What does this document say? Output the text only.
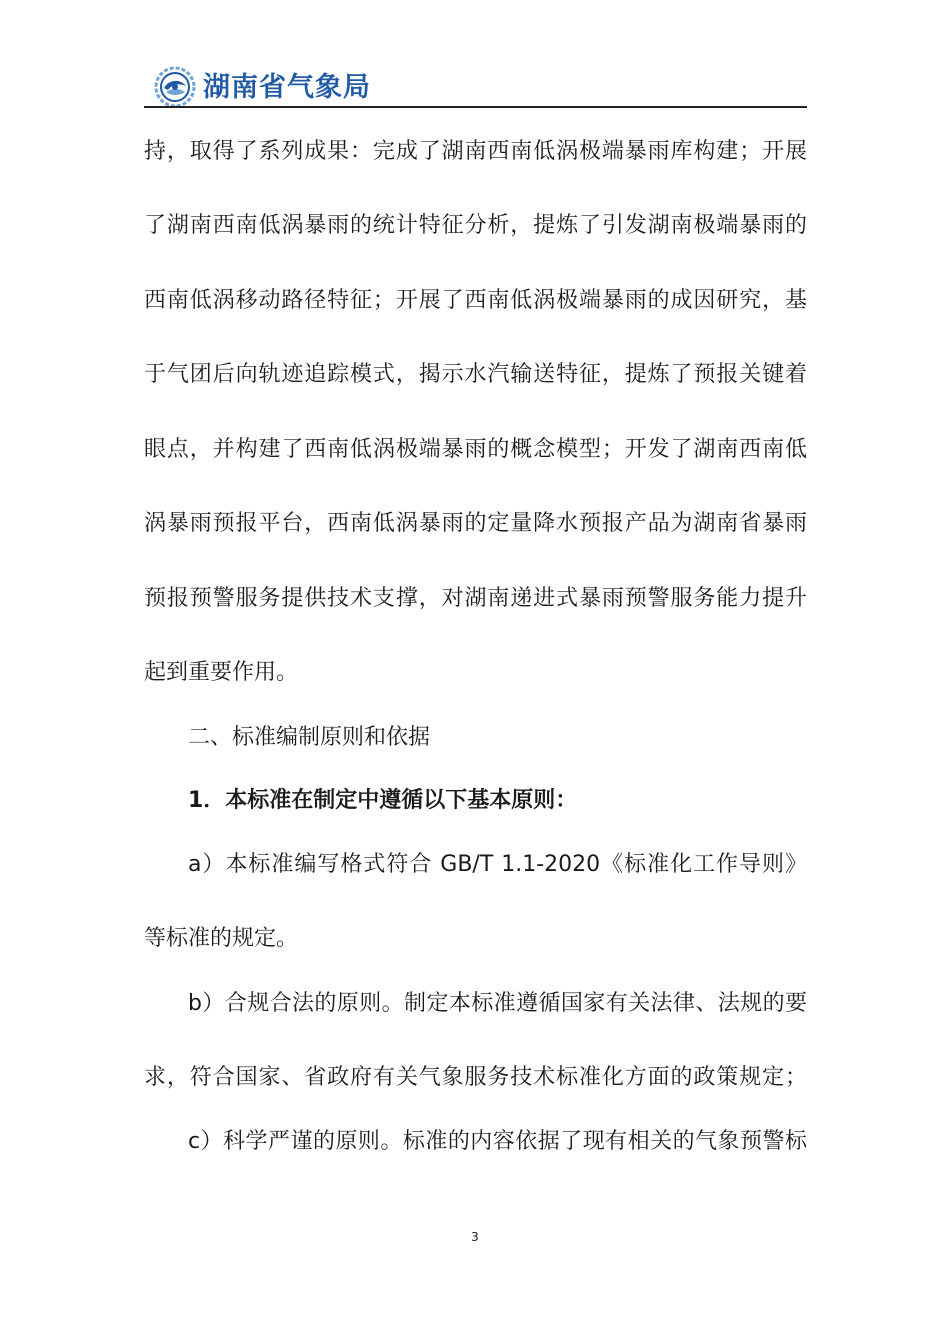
湖南省气象局
持，取得了系列成果：完成了湖南西南低涡极端暴雨库构建；开展
了湖南西南低涡暴雨的统计特征分析，提炼了引发湖南极端暴雨的
西南低涡移动路径特征；开展了西南低涡极端暴雨的成因研究，基
于气团后向轨迹追踪模式，揭示水汽输送特征，提炼了预报关键着
眼点，并构建了西南低涡极端暴雨的概念模型；开发了湖南西南低
涡暴雨预报平台，西南低涡暴雨的定量降水预报产品为湖南省暴雨
预报预警服务提供技术支撑，对湖南递进式暴雨预警服务能力提升
起到重要作用。
二、标准编制原则和依据
1．本标准在制定中遵循以下基本原则：
a）本标准编写格式符合 GB/T 1.1-2020《标准化工作导则》
等标准的规定。
b）合规合法的原则。制定本标准遵循国家有关法律、法规的要
求，符合国家、省政府有关气象服务技术标准化方面的政策规定；
c）科学严谨的原则。标准的内容依据了现有相关的气象预警标
3
